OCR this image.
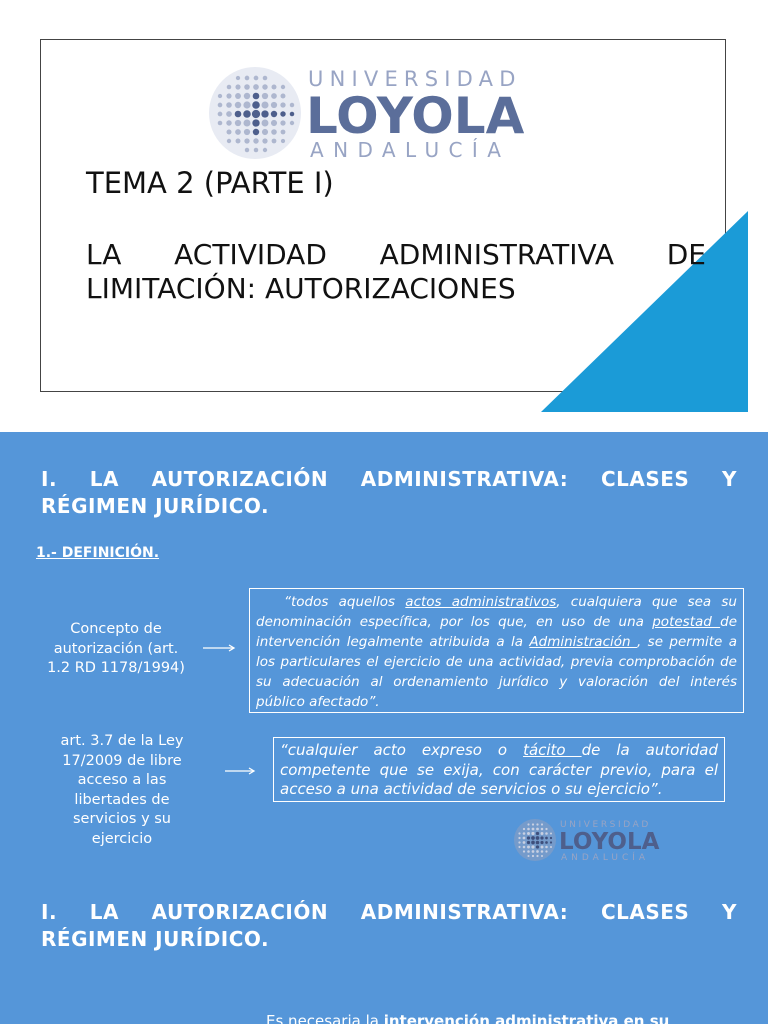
UNIVERSIDAD
LOYOLA
ANDALUCÍA
TEMA 2 (PARTE I)
LA ACTIVIDAD ADMINISTRATIVA DE
LIMITACIÓN: AUTORIZACIONES
I. LA AUTORIZACIÓN ADMINISTRATIVA: CLASES Y
RÉGIMEN JURÍDICO.
1.- DEFINICIÓN.
Concepto de
autorización (art.
1.2 RD 1178/1994)
“todos aquellos actos administrativos, cualquiera que sea su denominación específica, por los que, en uso de una potestad de intervención legalmente atribuida a la Administración , se permite a los particulares el ejercicio de una actividad, previa comprobación de su adecuación al ordenamiento jurídico y valoración del interés público afectado”.
art. 3.7 de la Ley
17/2009 de libre
acceso a las
libertades de
servicios y su
ejercicio
“cualquier acto expreso o tácito de la autoridad competente que se exija, con carácter previo, para el acceso a una actividad de servicios o su ejercicio”.
UNIVERSIDAD
LOYOLA
ANDALUCÍA
I. LA AUTORIZACIÓN ADMINISTRATIVA: CLASES Y
RÉGIMEN JURÍDICO.
Es necesaria la intervención administrativa en su
